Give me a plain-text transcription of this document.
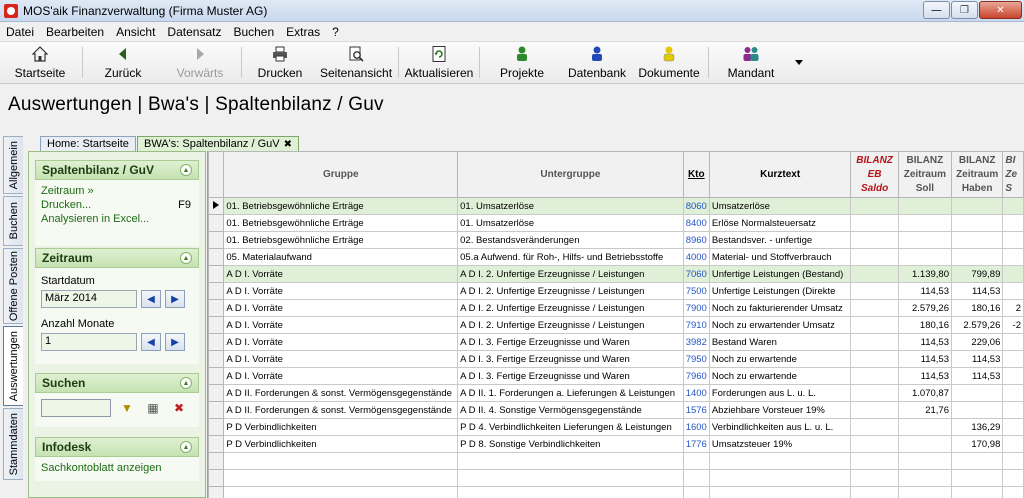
MOS'aik Finanzverwaltung (Firma Muster AG)	—	❐	✕
Datei	Bearbeiten	Ansicht	Datensatz	Buchen	Extras	?
Startseite	Zurück	Vorwärts	Drucken Seitenansicht Aktualisieren Projekte Datenbank Dokumente Mandant
Auswertungen | Bwa's | Spaltenbilanz / Guv
Allgemein
Buchen
Offene Posten
Auswertungen
Stammdaten
Home: Startseite	BWA's: Spaltenbilanz / GuV ✖
Spaltenbilanz / GuV	▲
Zeitraum »
Drucken...	F9
Analysieren in Excel...
Zeitraum	▲
Startdatum
März 2014	◀	▶
Anzahl Monate
1	◀	▶
Suchen	▲
▼	▦	✖
Infodesk	▲
Sachkontoblatt anzeigen
	Gruppe	Untergruppe	Kto	Kurztext	BILANZ
EB
Saldo	BILANZ
Zeitraum
Soll	BILANZ
Zeitraum
Haben	BI
Ze
S
	01. Betriebsgewöhnliche Erträge	01. Umsatzerlöse	8060	Umsatzerlöse				
	01. Betriebsgewöhnliche Erträge	01. Umsatzerlöse	8400	Erlöse Normalsteuersatz				
	01. Betriebsgewöhnliche Erträge	02. Bestandsveränderungen	8960	Bestandsver. - unfertige				
	05. Materialaufwand	05.a Aufwend. für Roh-, Hilfs- und Betriebsstoffe	4000	Material- und Stoffverbrauch				
	A D I. Vorräte	A D I. 2. Unfertige Erzeugnisse / Leistungen	7060	Unfertige Leistungen (Bestand)		1.139,80	799,89	
	A D I. Vorräte	A D I. 2. Unfertige Erzeugnisse / Leistungen	7500	Unfertige Leistungen (Direkte		114,53	114,53	
	A D I. Vorräte	A D I. 2. Unfertige Erzeugnisse / Leistungen	7900	Noch zu fakturierender Umsatz		2.579,26	180,16	2
	A D I. Vorräte	A D I. 2. Unfertige Erzeugnisse / Leistungen	7910	Noch zu erwartender Umsatz		180,16	2.579,26	-2
	A D I. Vorräte	A D I. 3. Fertige Erzeugnisse und Waren	3982	Bestand Waren		114,53	229,06	
	A D I. Vorräte	A D I. 3. Fertige Erzeugnisse und Waren	7950	Noch zu erwartende		114,53	114,53	
	A D I. Vorräte	A D I. 3. Fertige Erzeugnisse und Waren	7960	Noch zu erwartende		114,53	114,53	
	A D II. Forderungen & sonst. Vermögensgegenstände	A D II. 1. Forderungen a. Lieferungen & Leistungen	1400	Forderungen aus L. u. L.		1.070,87		
	A D II. Forderungen & sonst. Vermögensgegenstände	A D II. 4. Sonstige Vermögensgegenstände	1576	Abziehbare Vorsteuer 19%		21,76		
	P D Verbindlichkeiten	P D 4. Verbindlichkeiten Lieferungen & Leistungen	1600	Verbindlichkeiten aus L. u. L.			136,29	
	P D Verbindlichkeiten	P D 8. Sonstige Verbindlichkeiten	1776	Umsatzsteuer 19%			170,98	
